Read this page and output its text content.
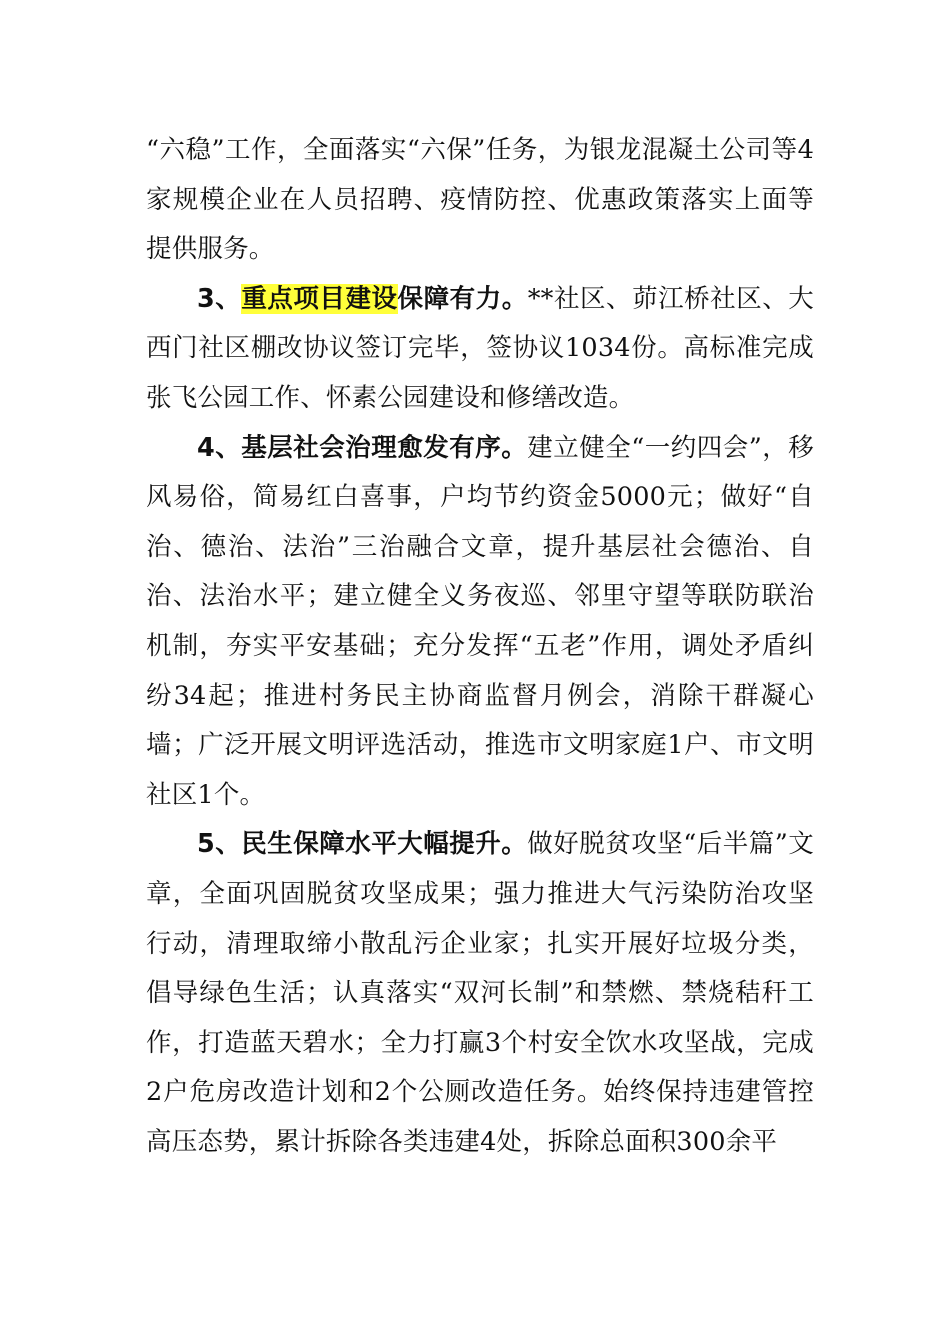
“六稳”工作，全面落实“六保”任务，为银龙混凝土公司等4家规模企业在人员招聘、疫情防控、优惠政策落实上面等提供服务。

3、重点项目建设保障有力。**社区、茆江桥社区、大西门社区棚改协议签订完毕，签协议1034份。高标准完成张飞公园工作、怀素公园建设和修缮改造。

4、基层社会治理愈发有序。建立健全“一约四会”，移风易俗，简易红白喜事，户均节约资金5000元；做好“自治、德治、法治”三治融合文章，提升基层社会德治、自治、法治水平；建立健全义务夜巡、邻里守望等联防联治机制，夯实平安基础；充分发挥“五老”作用，调处矛盾纠纷34起；推进村务民主协商监督月例会，消除干群凝心墙；广泛开展文明评选活动，推选市文明家庭1户、市文明社区1个。

5、民生保障水平大幅提升。做好脱贫攻坚“后半篇”文章，全面巩固脱贫攻坚成果；强力推进大气污染防治攻坚行动，清理取缔小散乱污企业家；扎实开展好垃圾分类，倡导绿色生活；认真落实“双河长制”和禁燃、禁烧秸秆工作，打造蓝天碧水；全力打赢3个村安全饮水攻坚战，完成2户危房改造计划和2个公厕改造任务。始终保持违建管控高压态势，累计拆除各类违建4处，拆除总面积300余平
